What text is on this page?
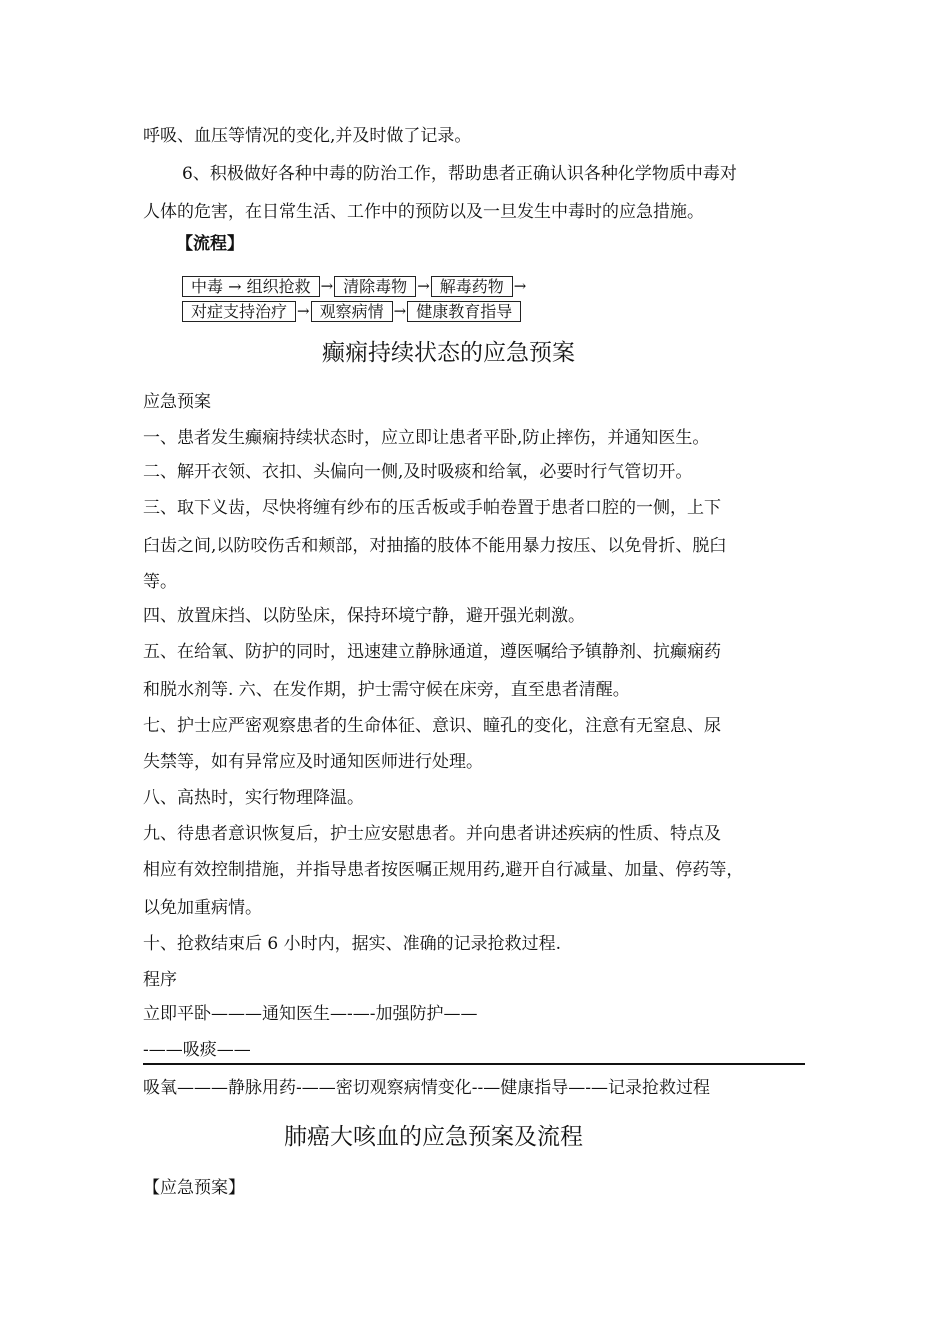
呼吸、血压等情况的变化,并及时做了记录。
6、积极做好各种中毒的防治工作，帮助患者正确认识各种化学物质中毒对
人体的危害，在日常生活、工作中的预防以及一旦发生中毒时的应急措施。
【流程】
中毒 → 组织抢救 → 清除毒物 → 解毒药物 →
对症支持治疗 → 观察病情 → 健康教育指导
癫痫持续状态的应急预案
应急预案
一、患者发生癫痫持续状态时，应立即让患者平卧,防止摔伤，并通知医生。
二、解开衣领、衣扣、头偏向一侧,及时吸痰和给氧，必要时行气管切开。
三、取下义齿，尽快将缠有纱布的压舌板或手帕卷置于患者口腔的一侧，上下
臼齿之间,以防咬伤舌和颊部，对抽搐的肢体不能用暴力按压、以免骨折、脱臼
等。
四、放置床挡、以防坠床，保持环境宁静，避开强光刺激。
五、在给氧、防护的同时，迅速建立静脉通道，遵医嘱给予镇静剂、抗癫痫药
和脱水剂等. 六、在发作期，护士需守候在床旁，直至患者清醒。
七、护士应严密观察患者的生命体征、意识、瞳孔的变化，注意有无窒息、尿
失禁等，如有异常应及时通知医师进行处理。
八、高热时，实行物理降温。
九、待患者意识恢复后，护士应安慰患者。并向患者讲述疾病的性质、特点及
相应有效控制措施，并指导患者按医嘱正规用药,避开自行减量、加量、停药等，
以免加重病情。
十、抢救结束后 6 小时内，据实、准确的记录抢救过程.
程序
立即平卧———通知医生—-—-加强防护——
-——吸痰——
吸氧———静脉用药-——密切观察病情变化--—健康指导—-—记录抢救过程
肺癌大咳血的应急预案及流程
【应急预案】
